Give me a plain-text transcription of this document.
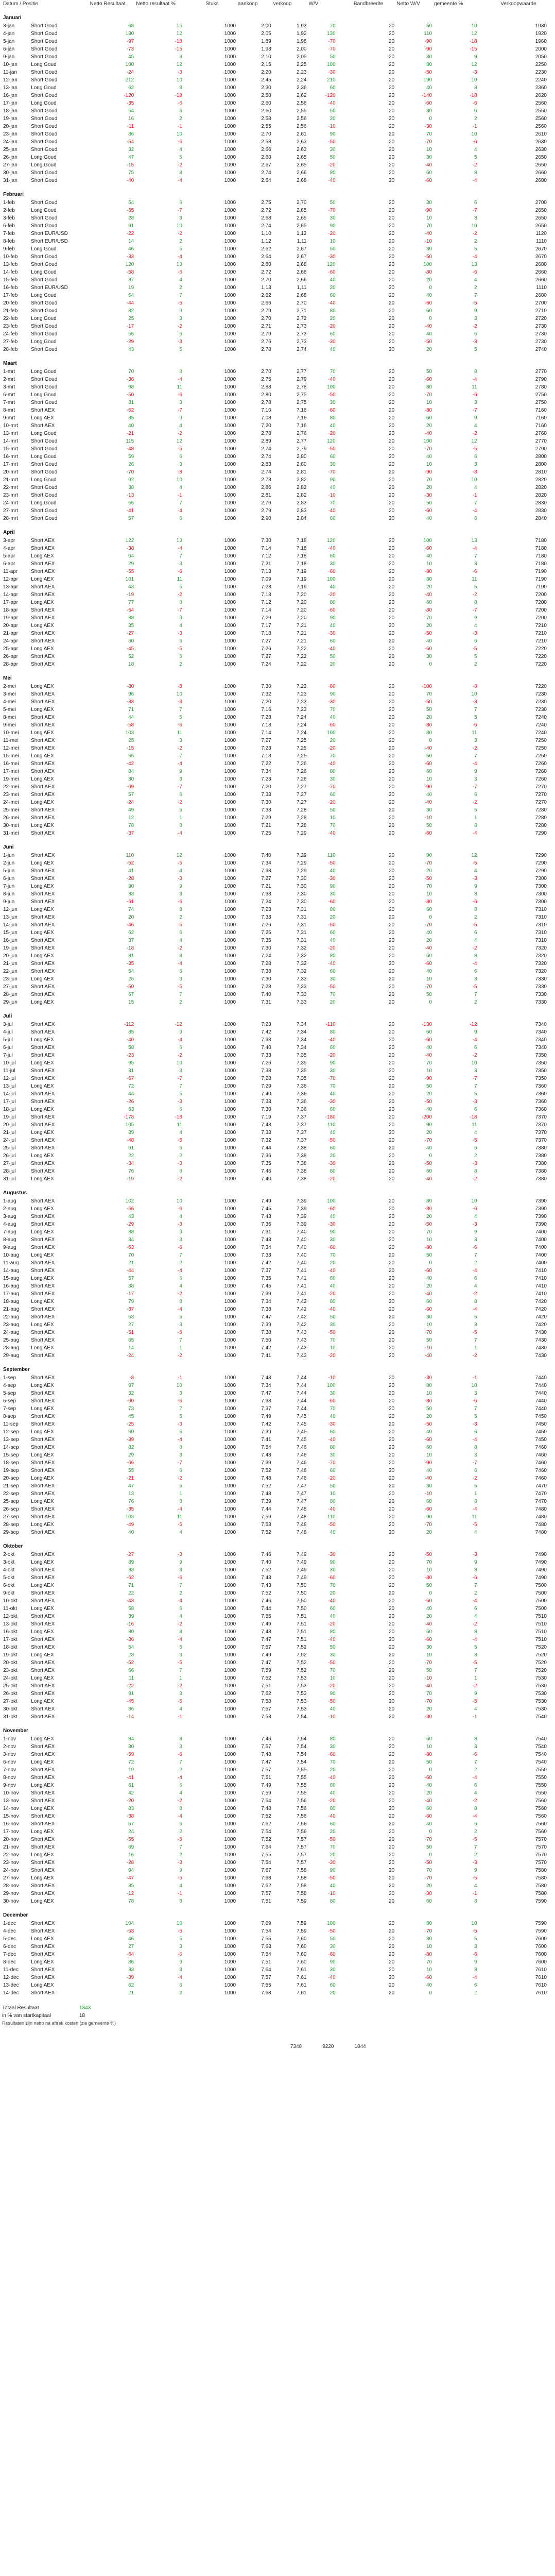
Datum / Positie		Netto Resultaat	Netto resultaat %		Stuks	aankoop	verkoop	W/V		Bandbreedte	Netto W/V	gemeente %		Verkoopwaarde
Januari														
3-jan	Short Goud	68	15		1000	2,00	1,93	70		20	50	10		1930
4-jan	Short Goud	130	12		1000	2,05	1,92	130		20	110	12		1920
5-jan	Short Goud	-97	-18		1000	1,89	1,96	-70		20	-90	-18		1960
6-jan	Short Goud	-73	-15		1000	1,93	2,00	-70		20	-90	-15		2000
9-jan	Short Goud	45	9		1000	2,10	2,05	50		20	30	9		2050
10-jan	Long Goud	100	12		1000	2,15	2,25	100		20	80	12		2250
11-jan	Short Goud	-24	-3		1000	2,20	2,23	-30		20	-50	-3		2230
12-jan	Short Goud	212	10		1000	2,45	2,24	210		20	190	10		2240
13-jan	Long Goud	62	8		1000	2,30	2,36	60		20	40	8		2360
16-jan	Short Goud	-120	-18		1000	2,50	2,62	-120		20	-140	-18		2620
17-jan	Long Goud	-35	-6		1000	2,60	2,56	-40		20	-60	-6		2560
18-jan	Short Goud	54	6		1000	2,60	2,55	50		20	30	6		2550
19-jan	Short Goud	16	2		1000	2,58	2,56	20		20	0	2		2560
20-jan	Short Goud	-11	-1		1000	2,55	2,56	-10		20	-30	-1		2560
23-jan	Short Goud	86	10		1000	2,70	2,61	90		20	70	10		2610
24-jan	Short Goud	-54	-6		1000	2,58	2,63	-50		20	-70	-6		2630
25-jan	Short Goud	32	4		1000	2,66	2,63	30		20	10	4		2630
26-jan	Long Goud	47	5		1000	2,60	2,65	50		20	30	5		2650
27-jan	Long Goud	-15	-2		1000	2,67	2,65	-20		20	-40	-2		2650
30-jan	Short Goud	75	8		1000	2,74	2,66	80		20	60	8		2660
31-jan	Short Goud	-40	-4		1000	2,64	2,68	-40		20	-60	-4		2680
Februari														
1-feb	Short Goud	54	6		1000	2,75	2,70	50		20	30	6		2700
2-feb	Long Goud	-65	-7		1000	2,72	2,65	-70		20	-90	-7		2650
3-feb	Short Goud	28	3		1000	2,68	2,65	30		20	10	3		2650
6-feb	Short Goud	91	10		1000	2,74	2,65	90		20	70	10		2650
7-feb	Short EUR/USD	-22	-2		1000	1,10	1,12	-20		20	-40	-2		1120
8-feb	Short EUR/USD	14	2		1000	1,12	1,11	10		20	-10	2		1110
9-feb	Long Goud	46	5		1000	2,62	2,67	50		20	30	5		2670
10-feb	Short Goud	-33	-4		1000	2,64	2,67	-30		20	-50	-4		2670
13-feb	Short Goud	120	13		1000	2,80	2,68	120		20	100	13		2680
14-feb	Long Goud	-58	-6		1000	2,72	2,66	-60		20	-80	-6		2660
15-feb	Short Goud	37	4		1000	2,70	2,66	40		20	20	4		2660
16-feb	Short EUR/USD	19	2		1000	1,13	1,11	20		20	0	2		1110
17-feb	Long Goud	64	7		1000	2,62	2,68	60		20	40	7		2680
20-feb	Short Goud	-44	-5		1000	2,66	2,70	-40		20	-60	-5		2700
21-feb	Short Goud	82	9		1000	2,79	2,71	80		20	60	9		2710
22-feb	Long Goud	25	3		1000	2,70	2,72	20		20	0	3		2720
23-feb	Short Goud	-17	-2		1000	2,71	2,73	-20		20	-40	-2		2730
24-feb	Short Goud	56	6		1000	2,79	2,73	60		20	40	6		2730
27-feb	Long Goud	-29	-3		1000	2,76	2,73	-30		20	-50	-3		2730
28-feb	Short Goud	43	5		1000	2,78	2,74	40		20	20	5		2740
Maart														
1-mrt	Long Goud	70	8		1000	2,70	2,77	70		20	50	8		2770
2-mrt	Short Goud	-36	-4		1000	2,75	2,79	-40		20	-60	-4		2790
3-mrt	Short Goud	98	11		1000	2,88	2,78	100		20	80	11		2780
6-mrt	Long Goud	-50	-6		1000	2,80	2,75	-50		20	-70	-6		2750
7-mrt	Short Goud	31	3		1000	2,78	2,75	30		20	10	3		2750
8-mrt	Short AEX	-62	-7		1000	7,10	7,16	-60		20	-80	-7		7160
9-mrt	Long AEX	85	9		1000	7,08	7,16	80		20	60	9		7160
10-mrt	Short AEX	40	4		1000	7,20	7,16	40		20	20	4		7160
13-mrt	Long Goud	-21	-2		1000	2,78	2,76	-20		20	-40	-2		2760
14-mrt	Short Goud	115	12		1000	2,89	2,77	120		20	100	12		2770
15-mrt	Short Goud	-48	-5		1000	2,74	2,79	-50		20	-70	-5		2790
16-mrt	Long Goud	59	6		1000	2,74	2,80	60		20	40	6		2800
17-mrt	Short Goud	26	3		1000	2,83	2,80	30		20	10	3		2800
20-mrt	Short Goud	-70	-8		1000	2,74	2,81	-70		20	-90	-8		2810
21-mrt	Long Goud	92	10		1000	2,73	2,82	90		20	70	10		2820
22-mrt	Short Goud	38	4		1000	2,86	2,82	40		20	20	4		2820
23-mrt	Short Goud	-13	-1		1000	2,81	2,82	-10		20	-30	-1		2820
24-mrt	Long Goud	66	7		1000	2,76	2,83	70		20	50	7		2830
27-mrt	Short Goud	-41	-4		1000	2,79	2,83	-40		20	-60	-4		2830
28-mrt	Short Goud	57	6		1000	2,90	2,84	60		20	40	6		2840
April														
3-apr	Short AEX	122	13		1000	7,30	7,18	120		20	100	13		7180
4-apr	Short AEX	-38	-4		1000	7,14	7,18	-40		20	-60	-4		7180
5-apr	Long AEX	64	7		1000	7,12	7,18	60		20	40	7		7180
6-apr	Short AEX	29	3		1000	7,21	7,18	30		20	10	3		7180
11-apr	Short AEX	-55	-6		1000	7,13	7,19	-60		20	-80	-6		7190
12-apr	Long AEX	101	11		1000	7,09	7,19	100		20	80	11		7190
13-apr	Short AEX	43	5		1000	7,23	7,19	40		20	20	5		7190
14-apr	Short AEX	-19	-2		1000	7,18	7,20	-20		20	-40	-2		7200
17-apr	Long AEX	77	8		1000	7,12	7,20	80		20	60	8		7200
18-apr	Short AEX	-64	-7		1000	7,14	7,20	-60		20	-80	-7		7200
19-apr	Short AEX	88	9		1000	7,29	7,20	90		20	70	9		7200
20-apr	Long AEX	35	4		1000	7,17	7,21	40		20	20	4		7210
21-apr	Short AEX	-27	-3		1000	7,18	7,21	-30		20	-50	-3		7210
24-apr	Short AEX	60	6		1000	7,27	7,21	60		20	40	6		7210
25-apr	Long AEX	-45	-5		1000	7,26	7,22	-40		20	-60	-5		7220
26-apr	Short AEX	52	5		1000	7,27	7,22	50		20	30	5		7220
28-apr	Short AEX	18	2		1000	7,24	7,22	20		20	0	2		7220
Mei														
2-mei	Long AEX	-80	-8		1000	7,30	7,22	-80		20	-100	-8		7220
3-mei	Short AEX	96	10		1000	7,32	7,23	90		20	70	10		7230
4-mei	Short AEX	-33	-3		1000	7,20	7,23	-30		20	-50	-3		7230
5-mei	Long AEX	71	7		1000	7,16	7,23	70		20	50	7		7230
8-mei	Short AEX	44	5		1000	7,28	7,24	40		20	20	5		7240
9-mei	Short AEX	-58	-6		1000	7,18	7,24	-60		20	-80	-6		7240
10-mei	Long AEX	103	11		1000	7,14	7,24	100		20	80	11		7240
11-mei	Short AEX	25	3		1000	7,27	7,25	20		20	0	3		7250
12-mei	Short AEX	-15	-2		1000	7,23	7,25	-20		20	-40	-2		7250
15-mei	Long AEX	66	7		1000	7,18	7,25	70		20	50	7		7250
16-mei	Short AEX	-42	-4		1000	7,22	7,26	-40		20	-60	-4		7260
17-mei	Short AEX	84	9		1000	7,34	7,26	80		20	60	9		7260
19-mei	Long AEX	30	3		1000	7,23	7,26	30		20	10	3		7260
22-mei	Short AEX	-69	-7		1000	7,20	7,27	-70		20	-90	-7		7270
23-mei	Short AEX	57	6		1000	7,33	7,27	60		20	40	6		7270
24-mei	Long AEX	-24	-2		1000	7,30	7,27	-20		20	-40	-2		7270
25-mei	Short AEX	49	5		1000	7,33	7,28	50		20	30	5		7280
26-mei	Short AEX	12	1		1000	7,29	7,28	10		20	-10	1		7280
30-mei	Long AEX	78	8		1000	7,21	7,28	70		20	50	8		7280
31-mei	Short AEX	-37	-4		1000	7,25	7,29	-40		20	-60	-4		7290
Juni														
1-jun	Short AEX	110	12		1000	7,40	7,29	110		20	90	12		7290
2-jun	Long AEX	-52	-5		1000	7,34	7,29	-50		20	-70	-5		7290
5-jun	Short AEX	41	4		1000	7,33	7,29	40		20	20	4		7290
6-jun	Short AEX	-28	-3		1000	7,27	7,30	-30		20	-50	-3		7300
7-jun	Long AEX	90	9		1000	7,21	7,30	90		20	70	9		7300
8-jun	Short AEX	33	3		1000	7,33	7,30	30		20	10	3		7300
9-jun	Short AEX	-61	-6		1000	7,24	7,30	-60		20	-80	-6		7300
12-jun	Long AEX	74	8		1000	7,23	7,31	80		20	60	8		7310
13-jun	Short AEX	20	2		1000	7,33	7,31	20		20	0	2		7310
14-jun	Short AEX	-46	-5		1000	7,26	7,31	-50		20	-70	-5		7310
15-jun	Long AEX	62	6		1000	7,25	7,31	60		20	40	6		7310
16-jun	Short AEX	37	4		1000	7,35	7,31	40		20	20	4		7310
19-jun	Short AEX	-18	-2		1000	7,30	7,32	-20		20	-40	-2		7320
20-jun	Long AEX	81	8		1000	7,24	7,32	80		20	60	8		7320
21-jun	Short AEX	-35	-4		1000	7,28	7,32	-40		20	-60	-4		7320
22-jun	Short AEX	54	6		1000	7,38	7,32	60		20	40	6		7320
23-jun	Long AEX	26	3		1000	7,30	7,33	30		20	10	3		7330
27-jun	Short AEX	-50	-5		1000	7,28	7,33	-50		20	-70	-5		7330
28-jun	Short AEX	67	7		1000	7,40	7,33	70		20	50	7		7330
29-jun	Long AEX	15	2		1000	7,31	7,33	20		20	0	2		7330
Juli														
3-jul	Short AEX	-112	-12		1000	7,23	7,34	-110		20	-130	-12		7340
4-jul	Short AEX	85	9		1000	7,42	7,34	80		20	60	9		7340
5-jul	Long AEX	-40	-4		1000	7,38	7,34	-40		20	-60	-4		7340
6-jul	Short AEX	58	6		1000	7,40	7,34	60		20	40	6		7340
7-jul	Short AEX	-23	-2		1000	7,33	7,35	-20		20	-40	-2		7350
10-jul	Long AEX	95	10		1000	7,26	7,35	90		20	70	10		7350
11-jul	Short AEX	31	3		1000	7,38	7,35	30		20	10	3		7350
12-jul	Short AEX	-67	-7		1000	7,28	7,35	-70		20	-90	-7		7350
13-jul	Long AEX	72	7		1000	7,29	7,36	70		20	50	7		7360
14-jul	Short AEX	44	5		1000	7,40	7,36	40		20	20	5		7360
17-jul	Short AEX	-26	-3		1000	7,33	7,36	-30		20	-50	-3		7360
18-jul	Long AEX	63	6		1000	7,30	7,36	60		20	40	6		7360
19-jul	Short AEX	-178	-18		1000	7,19	7,37	-180		20	-200	-18		7370
20-jul	Short AEX	105	11		1000	7,48	7,37	110		20	90	11		7370
21-jul	Long AEX	39	4		1000	7,33	7,37	40		20	20	4		7370
24-jul	Short AEX	-48	-5		1000	7,32	7,37	-50		20	-70	-5		7370
25-jul	Short AEX	61	6		1000	7,44	7,38	60		20	40	6		7380
26-jul	Long AEX	22	2		1000	7,36	7,38	20		20	0	2		7380
27-jul	Short AEX	-34	-3		1000	7,35	7,38	-30		20	-50	-3		7380
28-jul	Short AEX	76	8		1000	7,46	7,38	80		20	60	8		7380
31-jul	Long AEX	-19	-2		1000	7,40	7,38	-20		20	-40	-2		7380
Augustus														
1-aug	Short AEX	102	10		1000	7,49	7,39	100		20	80	10		7390
2-aug	Long AEX	-56	-6		1000	7,45	7,39	-60		20	-80	-6		7390
3-aug	Short AEX	43	4		1000	7,43	7,39	40		20	20	4		7390
4-aug	Short AEX	-29	-3		1000	7,36	7,39	-30		20	-50	-3		7390
7-aug	Long AEX	88	9		1000	7,31	7,40	90		20	70	9		7400
8-aug	Short AEX	34	3		1000	7,43	7,40	30		20	10	3		7400
9-aug	Short AEX	-63	-6		1000	7,34	7,40	-60		20	-80	-6		7400
10-aug	Long AEX	70	7		1000	7,33	7,40	70		20	50	7		7400
11-aug	Short AEX	21	2		1000	7,42	7,40	20		20	0	2		7400
14-aug	Short AEX	-44	-4		1000	7,37	7,41	-40		20	-60	-4		7410
15-aug	Long AEX	57	6		1000	7,35	7,41	60		20	40	6		7410
16-aug	Short AEX	38	4		1000	7,45	7,41	40		20	20	4		7410
17-aug	Short AEX	-17	-2		1000	7,39	7,41	-20		20	-40	-2		7410
18-aug	Long AEX	79	8		1000	7,34	7,42	80		20	60	8		7420
21-aug	Short AEX	-37	-4		1000	7,38	7,42	-40		20	-60	-4		7420
22-aug	Short AEX	53	5		1000	7,47	7,42	50		20	30	5		7420
23-aug	Long AEX	27	3		1000	7,39	7,42	30		20	10	3		7420
24-aug	Short AEX	-51	-5		1000	7,38	7,43	-50		20	-70	-5		7430
25-aug	Short AEX	65	7		1000	7,50	7,43	70		20	50	7		7430
28-aug	Long AEX	14	1		1000	7,42	7,43	10		20	-10	1		7430
29-aug	Short AEX	-24	-2		1000	7,41	7,43	-20		20	-40	-2		7430
September														
1-sep	Short AEX	-8	-1		1000	7,43	7,44	-10		20	-30	-1		7440
4-sep	Long AEX	97	10		1000	7,34	7,44	100		20	80	10		7440
5-sep	Short AEX	32	3		1000	7,47	7,44	30		20	10	3		7440
6-sep	Short AEX	-60	-6		1000	7,38	7,44	-60		20	-80	-6		7440
7-sep	Long AEX	73	7		1000	7,37	7,44	70		20	50	7		7440
8-sep	Short AEX	45	5		1000	7,49	7,45	40		20	20	5		7450
11-sep	Short AEX	-25	-3		1000	7,42	7,45	-30		20	-50	-3		7450
12-sep	Long AEX	60	6		1000	7,39	7,45	60		20	40	6		7450
13-sep	Short AEX	-39	-4		1000	7,41	7,45	-40		20	-60	-4		7450
14-sep	Short AEX	82	8		1000	7,54	7,46	80		20	60	8		7460
15-sep	Long AEX	29	3		1000	7,43	7,46	30		20	10	3		7460
18-sep	Short AEX	-66	-7		1000	7,39	7,46	-70		20	-90	-7		7460
19-sep	Short AEX	55	6		1000	7,52	7,46	60		20	40	6		7460
20-sep	Long AEX	-21	-2		1000	7,48	7,46	-20		20	-40	-2		7460
21-sep	Short AEX	47	5		1000	7,52	7,47	50		20	30	5		7470
22-sep	Short AEX	13	1		1000	7,48	7,47	10		20	-10	1		7470
25-sep	Long AEX	76	8		1000	7,39	7,47	80		20	60	8		7470
26-sep	Short AEX	-35	-4		1000	7,44	7,48	-40		20	-60	-4		7480
27-sep	Short AEX	108	11		1000	7,59	7,48	110		20	90	11		7480
28-sep	Long AEX	-49	-5		1000	7,53	7,48	-50		20	-70	-5		7480
29-sep	Short AEX	40	4		1000	7,52	7,48	40		20	20	4		7480
Oktober														
2-okt	Short AEX	-27	-3		1000	7,46	7,49	-30		20	-50	-3		7490
3-okt	Long AEX	89	9		1000	7,40	7,49	90		20	70	9		7490
4-okt	Short AEX	33	3		1000	7,52	7,49	30		20	10	3		7490
5-okt	Short AEX	-62	-6		1000	7,43	7,49	-60		20	-80	-6		7490
6-okt	Long AEX	71	7		1000	7,43	7,50	70		20	50	7		7500
9-okt	Short AEX	22	2		1000	7,52	7,50	20		20	0	2		7500
10-okt	Short AEX	-43	-4		1000	7,46	7,50	-40		20	-60	-4		7500
11-okt	Long AEX	58	6		1000	7,44	7,50	60		20	40	6		7500
12-okt	Short AEX	39	4		1000	7,55	7,51	40		20	20	4		7510
13-okt	Short AEX	-16	-2		1000	7,49	7,51	-20		20	-40	-2		7510
16-okt	Long AEX	80	8		1000	7,43	7,51	80		20	60	8		7510
17-okt	Short AEX	-36	-4		1000	7,47	7,51	-40		20	-60	-4		7510
18-okt	Short AEX	54	5		1000	7,57	7,52	50		20	30	5		7520
19-okt	Long AEX	28	3		1000	7,49	7,52	30		20	10	3		7520
20-okt	Short AEX	-52	-5		1000	7,47	7,52	-50		20	-70	-5		7520
23-okt	Short AEX	66	7		1000	7,59	7,52	70		20	50	7		7520
24-okt	Long AEX	11	1		1000	7,52	7,53	10		20	-10	1		7530
25-okt	Short AEX	-22	-2		1000	7,51	7,53	-20		20	-40	-2		7530
26-okt	Short AEX	91	9		1000	7,62	7,53	90		20	70	9		7530
27-okt	Long AEX	-45	-5		1000	7,58	7,53	-50		20	-70	-5		7530
30-okt	Short AEX	36	4		1000	7,57	7,53	40		20	20	4		7530
31-okt	Short AEX	-14	-1		1000	7,53	7,54	-10		20	-30	-1		7540
November														
1-nov	Long AEX	84	8		1000	7,46	7,54	80		20	60	8		7540
2-nov	Short AEX	30	3		1000	7,57	7,54	30		20	10	3		7540
3-nov	Short AEX	-59	-6		1000	7,48	7,54	-60		20	-80	-6		7540
6-nov	Long AEX	72	7		1000	7,47	7,54	70		20	50	7		7540
7-nov	Short AEX	19	2		1000	7,57	7,55	20		20	0	2		7550
8-nov	Short AEX	-41	-4		1000	7,51	7,55	-40		20	-60	-4		7550
9-nov	Long AEX	61	6		1000	7,49	7,55	60		20	40	6		7550
10-nov	Short AEX	42	4		1000	7,59	7,55	40		20	20	4		7550
13-nov	Short AEX	-20	-2		1000	7,54	7,56	-20		20	-40	-2		7560
14-nov	Long AEX	83	8		1000	7,48	7,56	80		20	60	8		7560
15-nov	Short AEX	-38	-4		1000	7,52	7,56	-40		20	-60	-4		7560
16-nov	Short AEX	57	6		1000	7,62	7,56	60		20	40	6		7560
17-nov	Long AEX	24	2		1000	7,54	7,56	20		20	0	2		7560
20-nov	Short AEX	-55	-5		1000	7,52	7,57	-50		20	-70	-5		7570
21-nov	Short AEX	69	7		1000	7,64	7,57	70		20	50	7		7570
22-nov	Long AEX	16	2		1000	7,55	7,57	20		20	0	2		7570
23-nov	Short AEX	-28	-3		1000	7,54	7,57	-30		20	-50	-3		7570
24-nov	Short AEX	94	9		1000	7,67	7,58	90		20	70	9		7580
27-nov	Long AEX	-47	-5		1000	7,63	7,58	-50		20	-70	-5		7580
28-nov	Short AEX	35	4		1000	7,62	7,58	40		20	20	4		7580
29-nov	Short AEX	-12	-1		1000	7,57	7,58	-10		20	-30	-1		7580
30-nov	Long AEX	78	8		1000	7,51	7,59	80		20	60	8		7590
December														
1-dec	Short AEX	104	10		1000	7,69	7,59	100		20	80	10		7590
4-dec	Short AEX	-53	-5		1000	7,54	7,59	-50		20	-70	-5		7590
5-dec	Long AEX	46	5		1000	7,55	7,60	50		20	30	5		7600
6-dec	Short AEX	27	3		1000	7,63	7,60	30		20	10	3		7600
7-dec	Short AEX	-64	-6		1000	7,54	7,60	-60		20	-80	-6		7600
8-dec	Long AEX	86	9		1000	7,51	7,60	90		20	70	9		7600
11-dec	Short AEX	33	3		1000	7,64	7,61	30		20	10	3		7610
12-dec	Short AEX	-39	-4		1000	7,57	7,61	-40		20	-60	-4		7610
13-dec	Long AEX	62	6		1000	7,55	7,61	60		20	40	6		7610
14-dec	Short AEX	21	2		1000	7,63	7,61	20		20	0	2		7610
Totaal Resultaat	1843
in % van startkapitaal	18
Resultaten zijn netto na aftrek kosten (zie gemeente %)
7348	9220	1844
